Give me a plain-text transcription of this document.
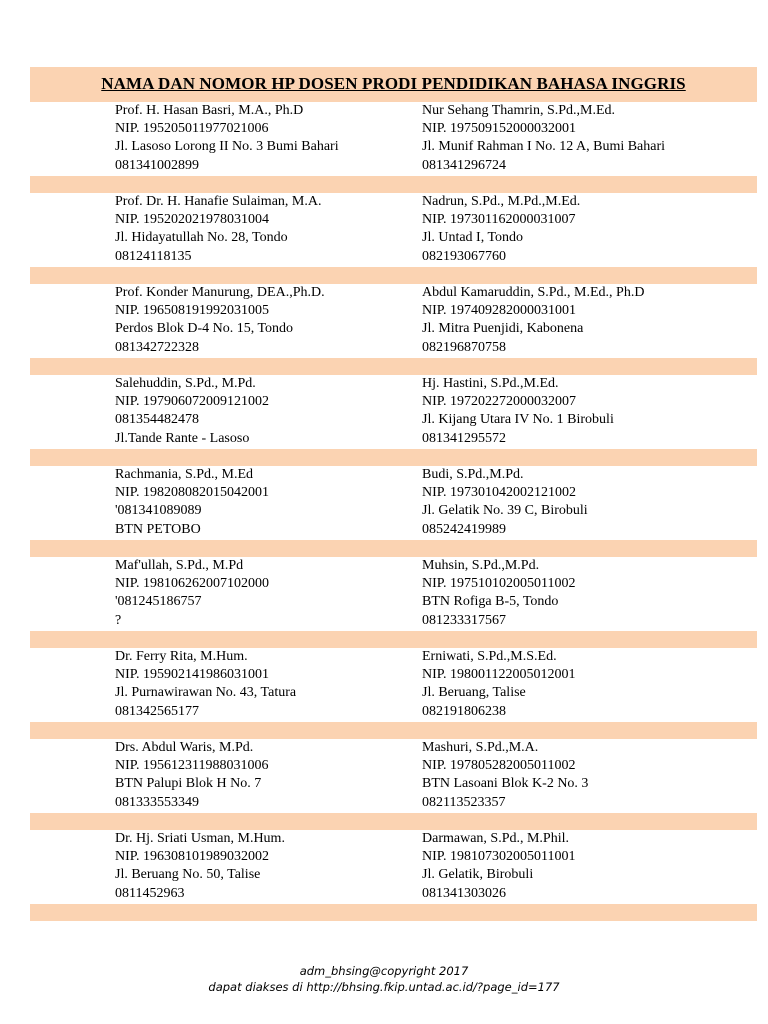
NAMA DAN NOMOR HP DOSEN PRODI PENDIDIKAN BAHASA INGGRIS
Prof. H. Hasan Basri, M.A., Ph.D
NIP. 195205011977021006
Jl. Lasoso Lorong II No. 3 Bumi Bahari
081341002899
Nur Sehang Thamrin, S.Pd.,M.Ed.
NIP. 197509152000032001
Jl. Munif Rahman I No. 12 A, Bumi Bahari
081341296724
Prof. Dr. H. Hanafie Sulaiman, M.A.
NIP. 195202021978031004
Jl. Hidayatullah No. 28, Tondo
08124118135
Nadrun, S.Pd., M.Pd.,M.Ed.
NIP. 197301162000031007
Jl. Untad I, Tondo
082193067760
Prof. Konder Manurung, DEA.,Ph.D.
NIP. 196508191992031005
Perdos Blok D-4 No. 15, Tondo
081342722328
Abdul Kamaruddin, S.Pd., M.Ed., Ph.D
NIP. 197409282000031001
Jl. Mitra Puenjidi, Kabonena
082196870758
Salehuddin, S.Pd., M.Pd.
NIP. 197906072009121002
081354482478
Jl.Tande Rante - Lasoso
Hj. Hastini, S.Pd.,M.Ed.
NIP. 197202272000032007
Jl. Kijang Utara IV No. 1 Birobuli
081341295572
Rachmania, S.Pd., M.Ed
NIP. 198208082015042001
'081341089089
BTN PETOBO
Budi, S.Pd.,M.Pd.
NIP. 197301042002121002
Jl. Gelatik No. 39 C, Birobuli
085242419989
Maf'ullah, S.Pd., M.Pd
NIP. 198106262007102000
'081245186757
?
Muhsin, S.Pd.,M.Pd.
NIP. 197510102005011002
BTN Rofiga B-5, Tondo
081233317567
Dr. Ferry Rita, M.Hum.
NIP. 195902141986031001
Jl. Purnawirawan No. 43, Tatura
081342565177
Erniwati, S.Pd.,M.S.Ed.
NIP. 198001122005012001
Jl. Beruang, Talise
082191806238
Drs. Abdul Waris, M.Pd.
NIP. 195612311988031006
BTN Palupi Blok H No. 7
081333553349
Mashuri, S.Pd.,M.A.
NIP. 197805282005011002
BTN Lasoani Blok K-2 No. 3
082113523357
Dr. Hj. Sriati Usman, M.Hum.
NIP. 196308101989032002
Jl. Beruang No. 50, Talise
0811452963
Darmawan, S.Pd., M.Phil.
NIP. 198107302005011001
Jl. Gelatik, Birobuli
081341303026
adm_bhsing@copyright 2017
dapat diakses di http://bhsing.fkip.untad.ac.id/?page_id=177
